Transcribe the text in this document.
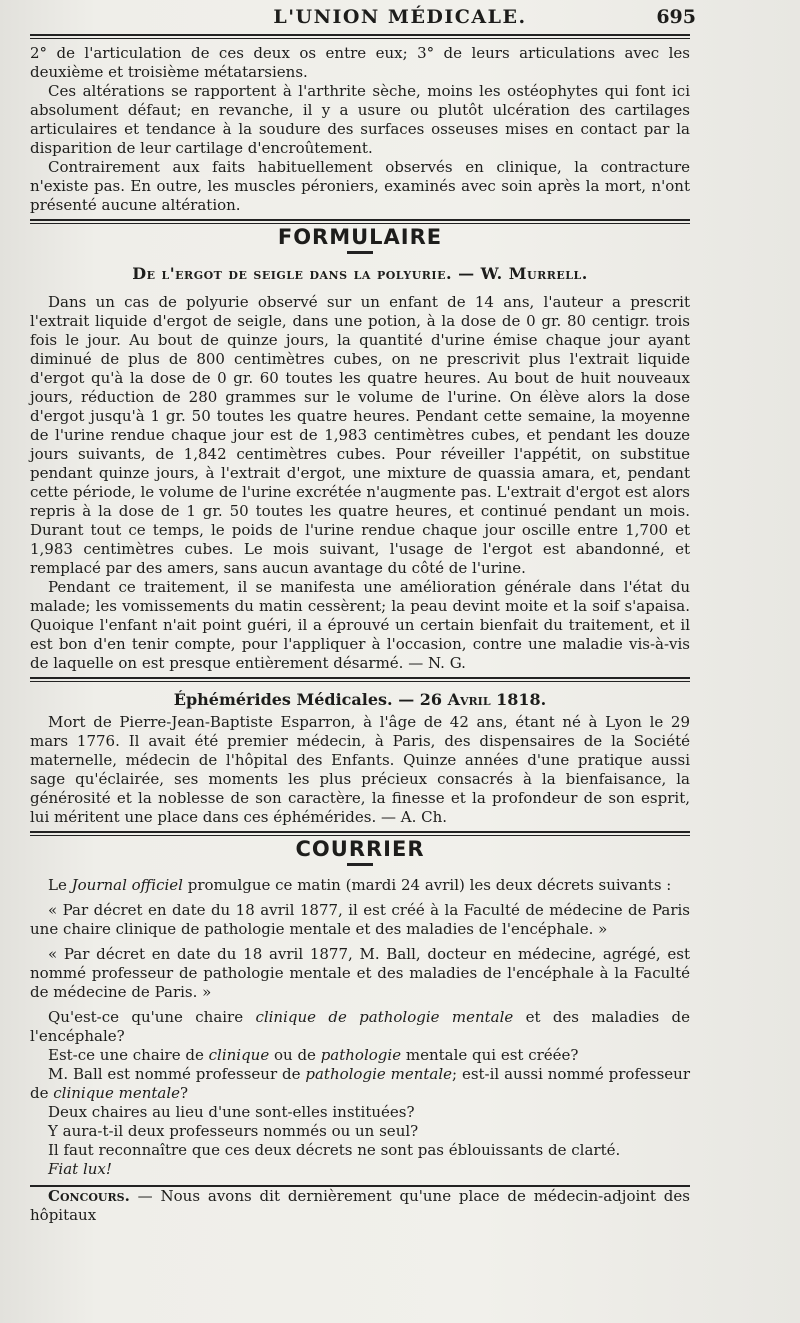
L'UNION MÉDICALE.	695

2° de l'articulation de ces deux os entre eux; 3° de leurs articulations avec les deuxième et troisième métatarsiens.

Ces altérations se rapportent à l'arthrite sèche, moins les ostéophytes qui font ici absolument défaut; en revanche, il y a usure ou plutôt ulcération des cartilages articulaires et tendance à la soudure des surfaces osseuses mises en contact par la disparition de leur cartilage d'encroûtement.

Contrairement aux faits habituellement observés en clinique, la contracture n'existe pas. En outre, les muscles péroniers, examinés avec soin après la mort, n'ont présenté aucune altération.

FORMULAIRE
De l'ergot de seigle dans la polyurie. — W. Murrell.

Dans un cas de polyurie observé sur un enfant de 14 ans, l'auteur a prescrit l'extrait liquide d'ergot de seigle, dans une potion, à la dose de 0 gr. 80 centigr. trois fois le jour. Au bout de quinze jours, la quantité d'urine émise chaque jour ayant diminué de plus de 800 centimètres cubes, on ne prescrivit plus l'extrait liquide d'ergot qu'à la dose de 0 gr. 60 toutes les quatre heures. Au bout de huit nouveaux jours, réduction de 280 grammes sur le volume de l'urine. On élève alors la dose d'ergot jusqu'à 1 gr. 50 toutes les quatre heures. Pendant cette semaine, la moyenne de l'urine rendue chaque jour est de 1,983 centimètres cubes, et pendant les douze jours suivants, de 1,842 centimètres cubes. Pour réveiller l'appétit, on substitue pendant quinze jours, à l'extrait d'ergot, une mixture de quassia amara, et, pendant cette période, le volume de l'urine excrétée n'augmente pas. L'extrait d'ergot est alors repris à la dose de 1 gr. 50 toutes les quatre heures, et continué pendant un mois. Durant tout ce temps, le poids de l'urine rendue chaque jour oscille entre 1,700 et 1,983 centimètres cubes. Le mois suivant, l'usage de l'ergot est abandonné, et remplacé par des amers, sans aucun avantage du côté de l'urine.

Pendant ce traitement, il se manifesta une amélioration générale dans l'état du malade; les vomissements du matin cessèrent; la peau devint moite et la soif s'apaisa. Quoique l'enfant n'ait point guéri, il a éprouvé un certain bienfait du traitement, et il est bon d'en tenir compte, pour l'appliquer à l'occasion, contre une maladie vis-à-vis de laquelle on est presque entièrement désarmé. — N. G.

Éphémérides Médicales. — 26 Avril 1818.

Mort de Pierre-Jean-Baptiste Esparron, à l'âge de 42 ans, étant né à Lyon le 29 mars 1776. Il avait été premier médecin, à Paris, des dispensaires de la Société maternelle, médecin de l'hôpital des Enfants. Quinze années d'une pratique aussi sage qu'éclairée, ses moments les plus précieux consacrés à la bienfaisance, la générosité et la noblesse de son caractère, la finesse et la profondeur de son esprit, lui méritent une place dans ces éphémérides. — A. Ch.

COURRIER

Le Journal officiel promulgue ce matin (mardi 24 avril) les deux décrets suivants :

« Par décret en date du 18 avril 1877, il est créé à la Faculté de médecine de Paris une chaire clinique de pathologie mentale et des maladies de l'encéphale. »

« Par décret en date du 18 avril 1877, M. Ball, docteur en médecine, agrégé, est nommé professeur de pathologie mentale et des maladies de l'encéphale à la Faculté de médecine de Paris. »

Qu'est-ce qu'une chaire clinique de pathologie mentale et des maladies de l'encéphale?

Est-ce une chaire de clinique ou de pathologie mentale qui est créée?

M. Ball est nommé professeur de pathologie mentale; est-il aussi nommé professeur de clinique mentale?

Deux chaires au lieu d'une sont-elles instituées?

Y aura-t-il deux professeurs nommés ou un seul?

Il faut reconnaître que ces deux décrets ne sont pas éblouissants de clarté.

Fiat lux!

Concours. — Nous avons dit dernièrement qu'une place de médecin-adjoint des hôpitaux
